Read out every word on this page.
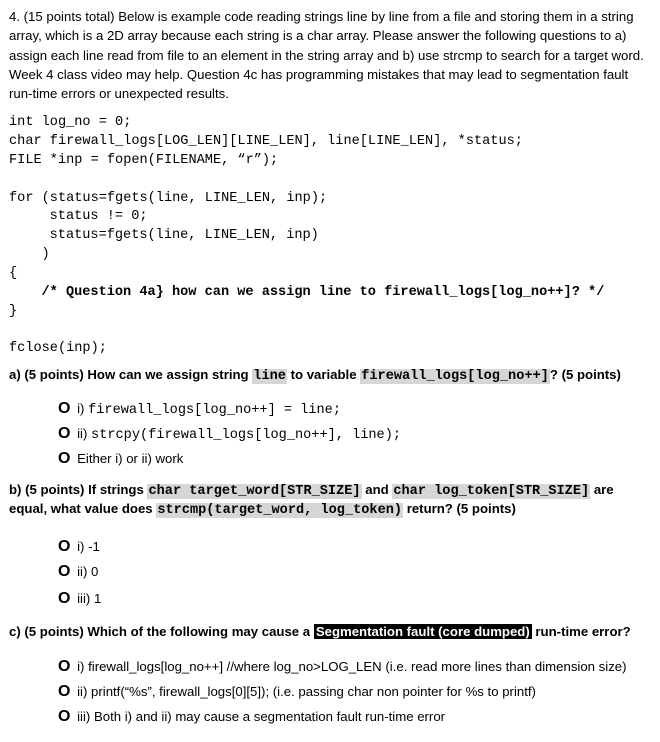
4. (15 points total) Below is example code reading strings line by line from a file and storing them in a string array, which is a 2D array because each string is a char array. Please answer the following questions to a) assign each line read from file to an element in the string array and b) use strcmp to search for a target word. Week 4 class video may help. Question 4c has programming mistakes that may lead to segmentation fault run-time errors or unexpected results.
int log_no = 0;
char firewall_logs[LOG_LEN][LINE_LEN], line[LINE_LEN], *status;
FILE *inp = fopen(FILENAME, “r”);
for (status=fgets(line, LINE_LEN, inp);
status != 0;
status=fgets(line, LINE_LEN, inp)
)
{
/* Question 4a} how can we assign line to firewall_logs[log_no++]? */
}
fclose(inp);
a) (5 points) How can we assign string line to variable firewall_logs[log_no++]? (5 points)
O i) firewall_logs[log_no++] = line;
O ii) strcpy(firewall_logs[log_no++], line);
O Either i) or ii) work
b) (5 points) If strings char target_word[STR_SIZE] and char log_token[STR_SIZE] are
equal, what value does strcmp(target_word, log_token) return? (5 points)
O i) -1
O ii) 0
O iii) 1
c) (5 points) Which of the following may cause a Segmentation fault (core dumped) run-time error?
O i) firewall_logs[log_no++] //where log_no>LOG_LEN (i.e. read more lines than dimension size)
O ii) printf(“%s”, firewall_logs[0][5]); (i.e. passing char non pointer for %s to printf)
O iii) Both i) and ii) may cause a segmentation fault run-time error
